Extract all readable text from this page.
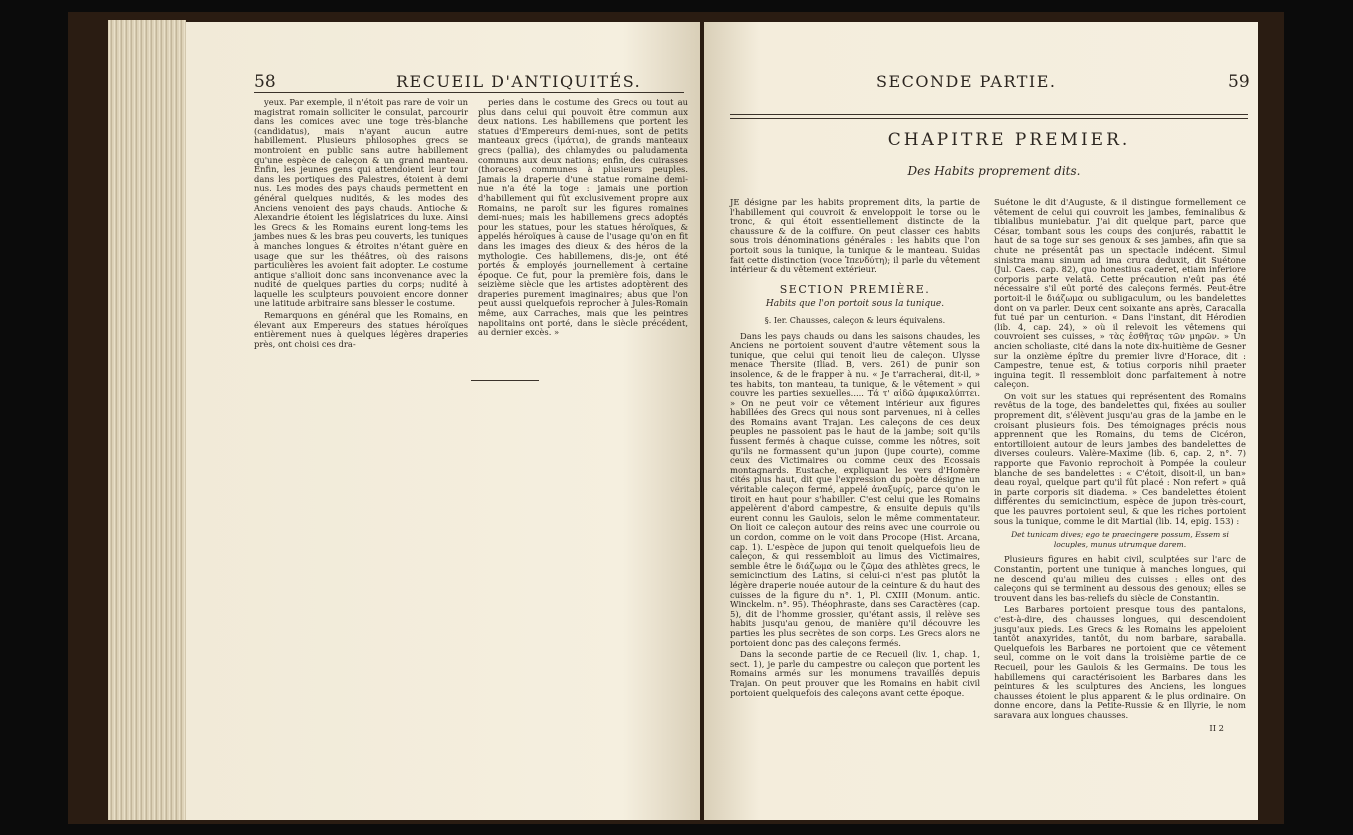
58	RECUEIL D'ANTIQUITÉS.

yeux. Par exemple, il n'étoit pas rare de voir un magistrat romain solliciter le consulat, parcourir dans les comices avec une toge très-blanche (candidatus), mais n'ayant aucun autre habillement. Plusieurs philosophes grecs se montroient en public sans autre habillement qu'une espèce de caleçon & un grand manteau. Enfin, les jeunes gens qui attendoient leur tour dans les portiques des Palestres, étoient à demi nus. Les modes des pays chauds permettent en général quelques nudités, & les modes des Anciens venoient des pays chauds. Antioche & Alexandrie étoient les législatrices du luxe. Ainsi les Grecs & les Romains eurent long-tems les jambes nues & les bras peu couverts, les tuniques à manches longues & étroites n'étant guère en usage que sur les théâtres, où des raisons particulières les avoient fait adopter. Le costume antique s'allioit donc sans inconvenance avec la nudité de quelques parties du corps; nudité à laquelle les sculpteurs pouvoient encore donner une latitude arbitraire sans blesser le costume.

Remarquons en général que les Romains, en élevant aux Empereurs des statues héroïques entièrement nues à quelques légères draperies près, ont choisi ces dra-

peries dans le costume des Grecs ou tout au plus dans celui qui pouvoit être commun aux deux nations. Les habillemens que portent les statues d'Empereurs demi-nues, sont de petits manteaux grecs (ἱμάτια), de grands manteaux grecs (pallia), des chlamydes ou paludamenta communs aux deux nations; enfin, des cuirasses (thoraces) communes à plusieurs peuples. Jamais la draperie d'une statue romaine demi-nue n'a été la toge : jamais une portion d'habillement qui fût exclusivement propre aux Romains, ne paroît sur les figures romaines demi-nues; mais les habillemens grecs adoptés pour les statues, pour les statues héroïques, & appelés héroïques à cause de l'usage qu'on en fit dans les images des dieux & des héros de la mythologie. Ces habillemens, dis-je, ont été portés & employés journellement à certaine époque. Ce fut, pour la première fois, dans le seizième siècle que les artistes adoptèrent des draperies purement imaginaires; abus que l'on peut aussi quelquefois reprocher à Jules-Romain même, aux Carraches, mais que les peintres napolitains ont porté, dans le siècle précédent, au dernier excès. »

SECONDE PARTIE.	59
CHAPITRE PREMIER.
Des Habits proprement dits.

JE désigne par les habits proprement dits, la partie de l'habillement qui couvroit & enveloppoit le torse ou le tronc, & qui étoit essentiellement distincte de la chaussure & de la coiffure. On peut classer ces habits sous trois dénominations générales : les habits que l'on portoit sous la tunique, la tunique & le manteau. Suidas fait cette distinction (voce Ἱπενδύτη); il parle du vêtement intérieur & du vêtement extérieur.

SECTION PREMIÈRE.
Habits que l'on portoit sous la tunique.
§. Ier. Chausses, caleçon & leurs équivalens.

Dans les pays chauds ou dans les saisons chaudes, les Anciens ne portoient souvent d'autre vêtement sous la tunique, que celui qui tenoit lieu de caleçon. Ulysse menace Thersite (Iliad. B, vers. 261) de punir son insolence, & de le frapper à nu. « Je t'arracherai, dit-il, » tes habits, ton manteau, ta tunique, & le vêtement » qui couvre les parties sexuelles..... Τά τ' αἰδῶ ἀμφικαλύπτει. » On ne peut voir ce vêtement intérieur aux figures habillées des Grecs qui nous sont parvenues, ni à celles des Romains avant Trajan. Les caleçons de ces deux peuples ne passoient pas le haut de la jambe; soit qu'ils fussent fermés à chaque cuisse, comme les nôtres, soit qu'ils ne formassent qu'un jupon (jupe courte), comme ceux des Victimaires ou comme ceux des Ecossais montagnards. Eustache, expliquant les vers d'Homère cités plus haut, dit que l'expression du poète désigne un véritable caleçon fermé, appelé ἀναξυρίς, parce qu'on le tiroit en haut pour s'habiller. C'est celui que les Romains appelèrent d'abord campestre, & ensuite depuis qu'ils eurent connu les Gaulois, selon le même commentateur. On lioit ce caleçon autour des reins avec une courroie ou un cordon, comme on le voit dans Procope (Hist. Arcana, cap. 1). L'espèce de jupon qui tenoit quelquefois lieu de caleçon, & qui ressembloit au limus des Victimaires, semble être le διάζωμα ou le ζῶμα des athlètes grecs, le semicinctium des Latins, si celui-ci n'est pas plutôt la légère draperie nouée autour de la ceinture & du haut des cuisses de la figure du n°. 1, Pl. CXIII (Monum. antic. Winckelm. n°. 95). Théophraste, dans ses Caractères (cap. 5), dit de l'homme grossier, qu'étant assis, il relève ses habits jusqu'au genou, de manière qu'il découvre les parties les plus secrètes de son corps. Les Grecs alors ne portoient donc pas des caleçons fermés.

Dans la seconde partie de ce Recueil (liv. 1, chap. 1, sect. 1), je parle du campestre ou caleçon que portent les Romains armés sur les monumens travaillés depuis Trajan. On peut prouver que les Romains en habit civil portoient quelquefois des caleçons avant cette époque.

Suétone le dit d'Auguste, & il distingue formellement ce vêtement de celui qui couvroit les jambes, feminalibus & tibialibus muniebatur. J'ai dit quelque part, parce que César, tombant sous les coups des conjurés, rabattit le haut de sa toge sur ses genoux & ses jambes, afin que sa chute ne présentât pas un spectacle indécent. Simul sinistra manu sinum ad ima crura deduxit, dit Suétone (Jul. Caes. cap. 82), quo honestius caderet, etiam inferiore corporis parte velatâ. Cette précaution n'eût pas été nécessaire s'il eût porté des caleçons fermés. Peut-être portoit-il le διάζωμα ou subligaculum, ou les bandelettes dont on va parler. Deux cent soixante ans après, Caracalla fut tué par un centurion. « Dans l'instant, dit Hérodien (lib. 4, cap. 24), » où il relevoit les vêtemens qui couvroient ses cuisses, » τὰς ἐσθῆτας τῶν μηρῶν. » Un ancien scholiaste, cité dans la note dix-huitième de Gesner sur la onzième épître du premier livre d'Horace, dit : Campestre, tenue est, & totius corporis nihil praeter inguina tegit. Il ressembloit donc parfaitement à notre caleçon.

On voit sur les statues qui représentent des Romains revêtus de la toge, des bandelettes qui, fixées au soulier proprement dit, s'élèvent jusqu'au gras de la jambe en le croisant plusieurs fois. Des témoignages précis nous apprennent que les Romains, du tems de Cicéron, entortilloient autour de leurs jambes des bandelettes de diverses couleurs. Valère-Maxime (lib. 6, cap. 2, n°. 7) rapporte que Favonio reprochoit à Pompée la couleur blanche de ses bandelettes : « C'étoit, disoit-il, un ban» deau royal, quelque part qu'il fût placé : Non refert » quâ in parte corporis sit diadema. » Ces bandelettes étoient différentes du semicinctium, espèce de jupon très-court, que les pauvres portoient seul, & que les riches portoient sous la tunique, comme le dit Martial (lib. 14, epig. 153) :

Det tunicam dives; ego te praecingere possum, Essem si locuples, munus utrumque darem.

Plusieurs figures en habit civil, sculptées sur l'arc de Constantin, portent une tunique à manches longues, qui ne descend qu'au milieu des cuisses : elles ont des caleçons qui se terminent au dessous des genoux; elles se trouvent dans les bas-reliefs du siècle de Constantin.

Les Barbares portoient presque tous des pantalons, c'est-à-dire, des chausses longues, qui descendoient jusqu'aux pieds. Les Grecs & les Romains les appeloient tantôt anaxyrides, tantôt, du nom barbare, saraballa. Quelquefois les Barbares ne portoient que ce vêtement seul, comme on le voit dans la troisième partie de ce Recueil, pour les Gaulois & les Germains. De tous les habillemens qui caractérisoient les Barbares dans les peintures & les sculptures des Anciens, les longues chausses étoient le plus apparent & le plus ordinaire. On donne encore, dans la Petite-Russie & en Illyrie, le nom saravara aux longues chausses.

II 2
